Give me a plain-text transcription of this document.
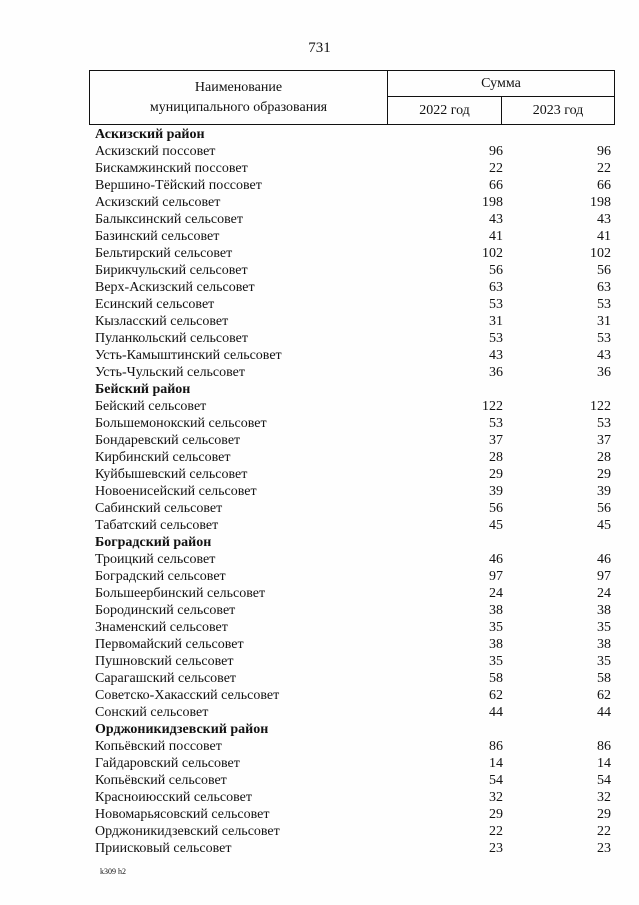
731
Наименование
муниципального образования
Сумма
2022 год	2023 год
Аскизский район
Аскизский поссовет	96	96
Бискамжинский поссовет	22	22
Вершино-Тёйский поссовет	66	66
Аскизский сельсовет	198	198
Балыксинский сельсовет	43	43
Базинский сельсовет	41	41
Бельтирский сельсовет	102	102
Бирикчульский сельсовет	56	56
Верх-Аскизский сельсовет	63	63
Есинский сельсовет	53	53
Кызласский сельсовет	31	31
Пуланкольский сельсовет	53	53
Усть-Камыштинский сельсовет	43	43
Усть-Чульский сельсовет	36	36
Бейский район
Бейский сельсовет	122	122
Большемонокский сельсовет	53	53
Бондаревский сельсовет	37	37
Кирбинский сельсовет	28	28
Куйбышевский сельсовет	29	29
Новоенисейский сельсовет	39	39
Сабинский сельсовет	56	56
Табатский сельсовет	45	45
Боградский район
Троицкий сельсовет	46	46
Боградский сельсовет	97	97
Большеербинский сельсовет	24	24
Бородинский сельсовет	38	38
Знаменский сельсовет	35	35
Первомайский сельсовет	38	38
Пушновский сельсовет	35	35
Сарагашский сельсовет	58	58
Советско-Хакасский сельсовет	62	62
Сонский сельсовет	44	44
Орджоникидзевский район
Копьёвский поссовет	86	86
Гайдаровский сельсовет	14	14
Копьёвский сельсовет	54	54
Красноиюсский сельсовет	32	32
Новомарьясовский сельсовет	29	29
Орджоникидзевский сельсовет	22	22
Приисковый сельсовет	23	23
k309 h2
